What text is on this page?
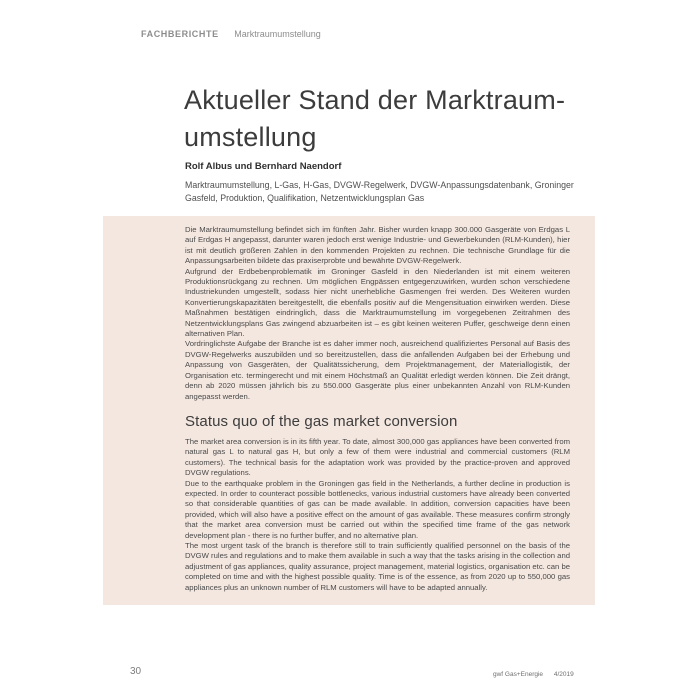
FACHBERICHTE Marktraumumstellung
Aktueller Stand der Marktraum-
umstellung
Rolf Albus und Bernhard Naendorf
Marktraumumstellung, L-Gas, H-Gas, DVGW-Regelwerk, DVGW-Anpassungsdatenbank, Groninger Gasfeld, Produktion, Qualifikation, Netzentwicklungsplan Gas

Die Marktraumumstellung befindet sich im fünften Jahr. Bisher wurden knapp 300.000 Gasgeräte von Erdgas L auf Erdgas H angepasst, darunter waren jedoch erst wenige Industrie- und Gewerbekunden (RLM-Kunden), hier ist mit deutlich größeren Zahlen in den kommenden Projekten zu rechnen. Die technische Grundlage für die Anpassungsarbeiten bildete das praxiserprobte und bewährte DVGW-Regelwerk.

Aufgrund der Erdbebenproblematik im Groninger Gasfeld in den Niederlanden ist mit einem weiteren Produktionsrückgang zu rechnen. Um möglichen Engpässen entgegenzuwirken, wurden schon verschiedene Industriekunden umgestellt, sodass hier nicht unerhebliche Gasmengen frei werden. Des Weiteren wurden Konvertierungskapazitäten bereitgestellt, die ebenfalls positiv auf die Mengensituation einwirken werden. Diese Maßnahmen bestätigen eindringlich, dass die Marktraumumstellung im vorgegebenen Zeitrahmen des Netzentwicklungsplans Gas zwingend abzuarbeiten ist – es gibt keinen weiteren Puffer, geschweige denn einen alternativen Plan.

Vordringlichste Aufgabe der Branche ist es daher immer noch, ausreichend qualifiziertes Personal auf Basis des DVGW-Regelwerks auszubilden und so bereitzustellen, dass die anfallenden Aufgaben bei der Erhebung und Anpassung von Gasgeräten, der Qualitätssicherung, dem Projektmanagement, der Materiallogistik, der Organisation etc. termingerecht und mit einem Höchstmaß an Qualität erledigt werden können. Die Zeit drängt, denn ab 2020 müssen jährlich bis zu 550.000 Gasgeräte plus einer unbekannten Anzahl von RLM-Kunden angepasst werden.

Status quo of the gas market conversion

The market area conversion is in its fifth year. To date, almost 300,000 gas appliances have been converted from natural gas L to natural gas H, but only a few of them were industrial and commercial customers (RLM customers). The technical basis for the adaptation work was provided by the practice-proven and approved DVGW regulations.

Due to the earthquake problem in the Groningen gas field in the Netherlands, a further decline in production is expected. In order to counteract possible bottlenecks, various industrial customers have already been converted so that considerable quantities of gas can be made available. In addition, conversion capacities have been provided, which will also have a positive effect on the amount of gas available. These measures confirm strongly that the market area conversion must be carried out within the specified time frame of the gas network development plan - there is no further buffer, and no alternative plan.

The most urgent task of the branch is therefore still to train sufficiently qualified personnel on the basis of the DVGW rules and regulations and to make them available in such a way that the tasks arising in the collection and adjustment of gas appliances, quality assurance, project management, material logistics, organisation etc. can be completed on time and with the highest possible quality. Time is of the essence, as from 2020 up to 550,000 gas appliances plus an unknown number of RLM customers will have to be adapted annually.

30	gwf Gas+Energie 4/2019
